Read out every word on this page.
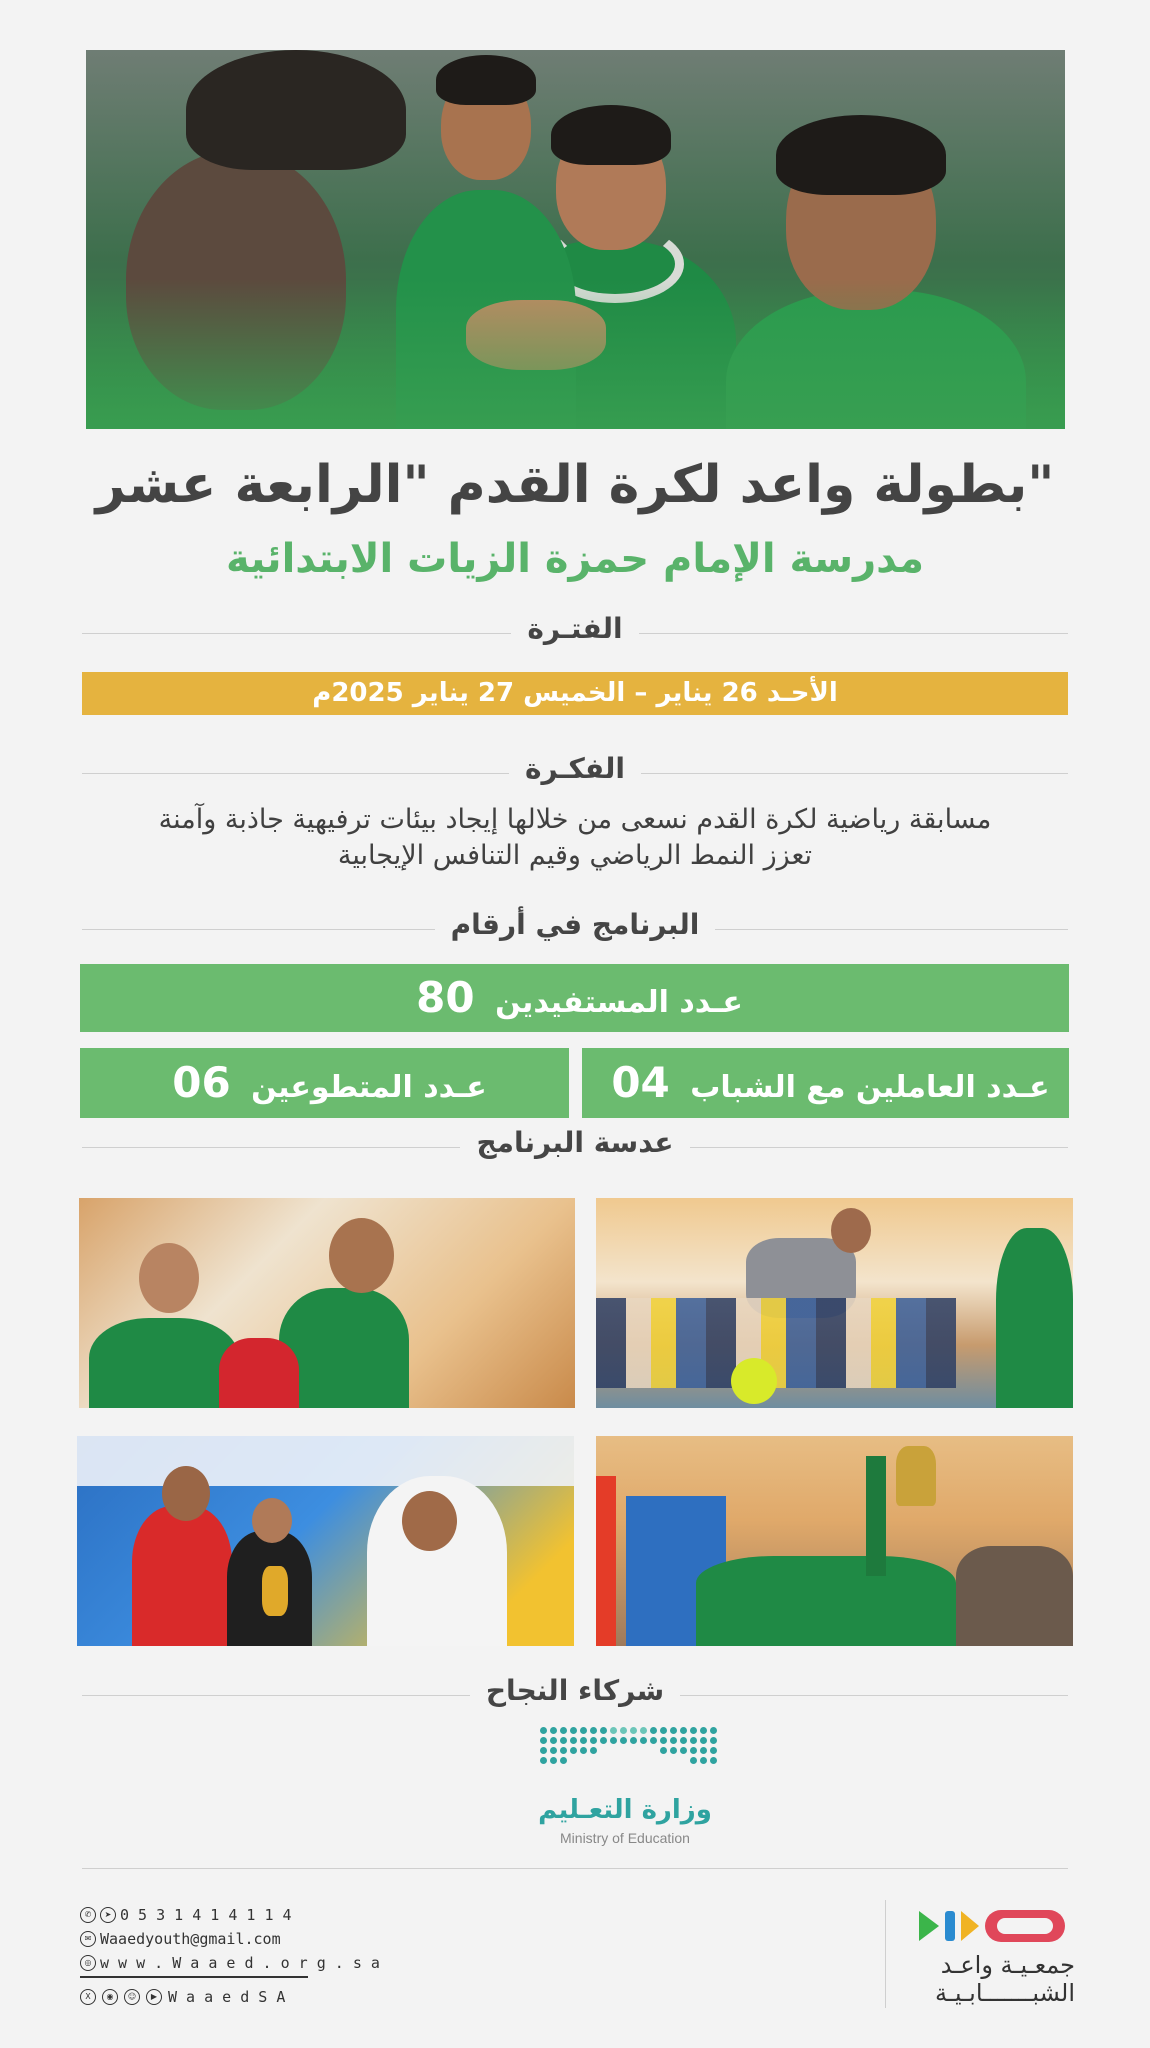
بطولة واعد لكرة القدم "الرابعة عشر"
مدرسة الإمام حمزة الزيات الابتدائية
الفتـرة
الأحـد 26 يناير – الخميس 27 يناير 2025م
الفكـرة
مسابقة رياضية لكرة القدم نسعى من خلالها إيجاد بيئات ترفيهية جاذبة وآمنة
تعزز النمط الرياضي وقيم التنافس الإيجابية
البرنامج في أرقام
80 عـدد المستفيدين
04 عـدد العاملين مع الشباب
06 عـدد المتطوعين
عدسة البرنامج
شركاء النجاح
وزارة التعـليم
Ministry of Education
✆	➤ 0 5 3 1 4 1 4 1 1 4
✉ Waaedyouth@gmail.com
◎ w w w . W a a e d . o r g . s a
X	◉	☺	▶ W a a e d S A
جمعـيـة واعـد
الشبـــــــابـيـة
